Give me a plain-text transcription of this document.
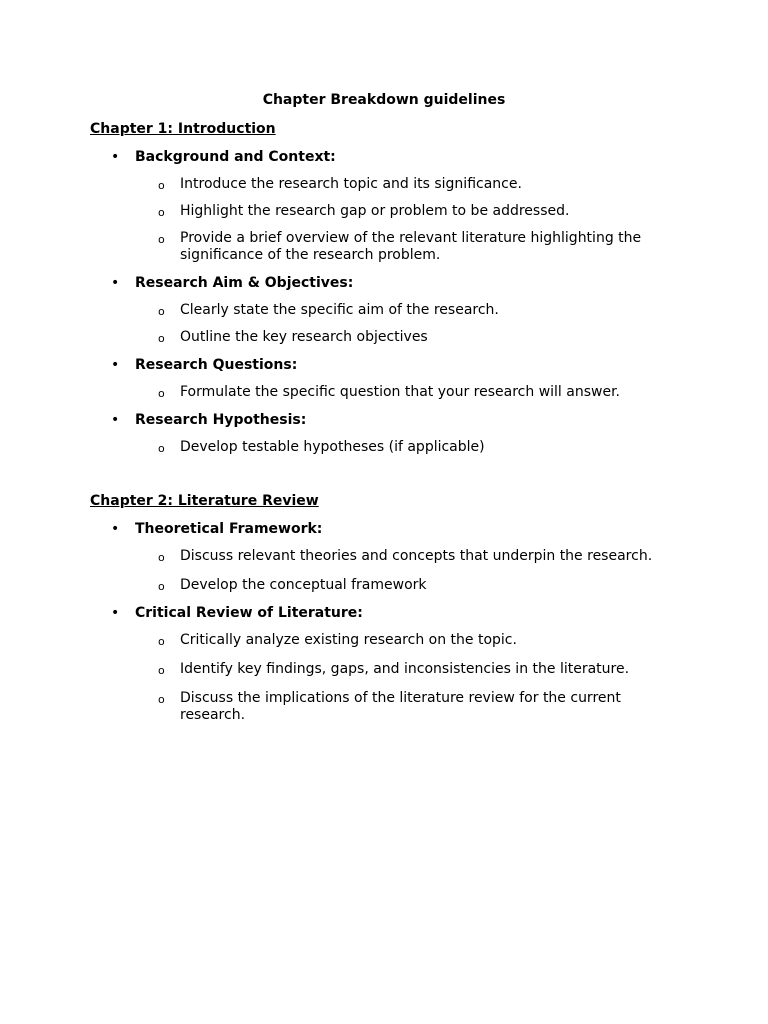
Chapter Breakdown guidelines
Chapter 1: Introduction
• Background and Context:
o Introduce the research topic and its significance.
o Highlight the research gap or problem to be addressed.
o Provide a brief overview of the relevant literature highlighting the significance of the research problem.
• Research Aim & Objectives:
o Clearly state the specific aim of the research.
o Outline the key research objectives
• Research Questions:
o Formulate the specific question that your research will answer.
• Research Hypothesis:
o Develop testable hypotheses (if applicable)
Chapter 2: Literature Review
• Theoretical Framework:
o Discuss relevant theories and concepts that underpin the research.
o Develop the conceptual framework
• Critical Review of Literature:
o Critically analyze existing research on the topic.
o Identify key findings, gaps, and inconsistencies in the literature.
o Discuss the implications of the literature review for the current research.
